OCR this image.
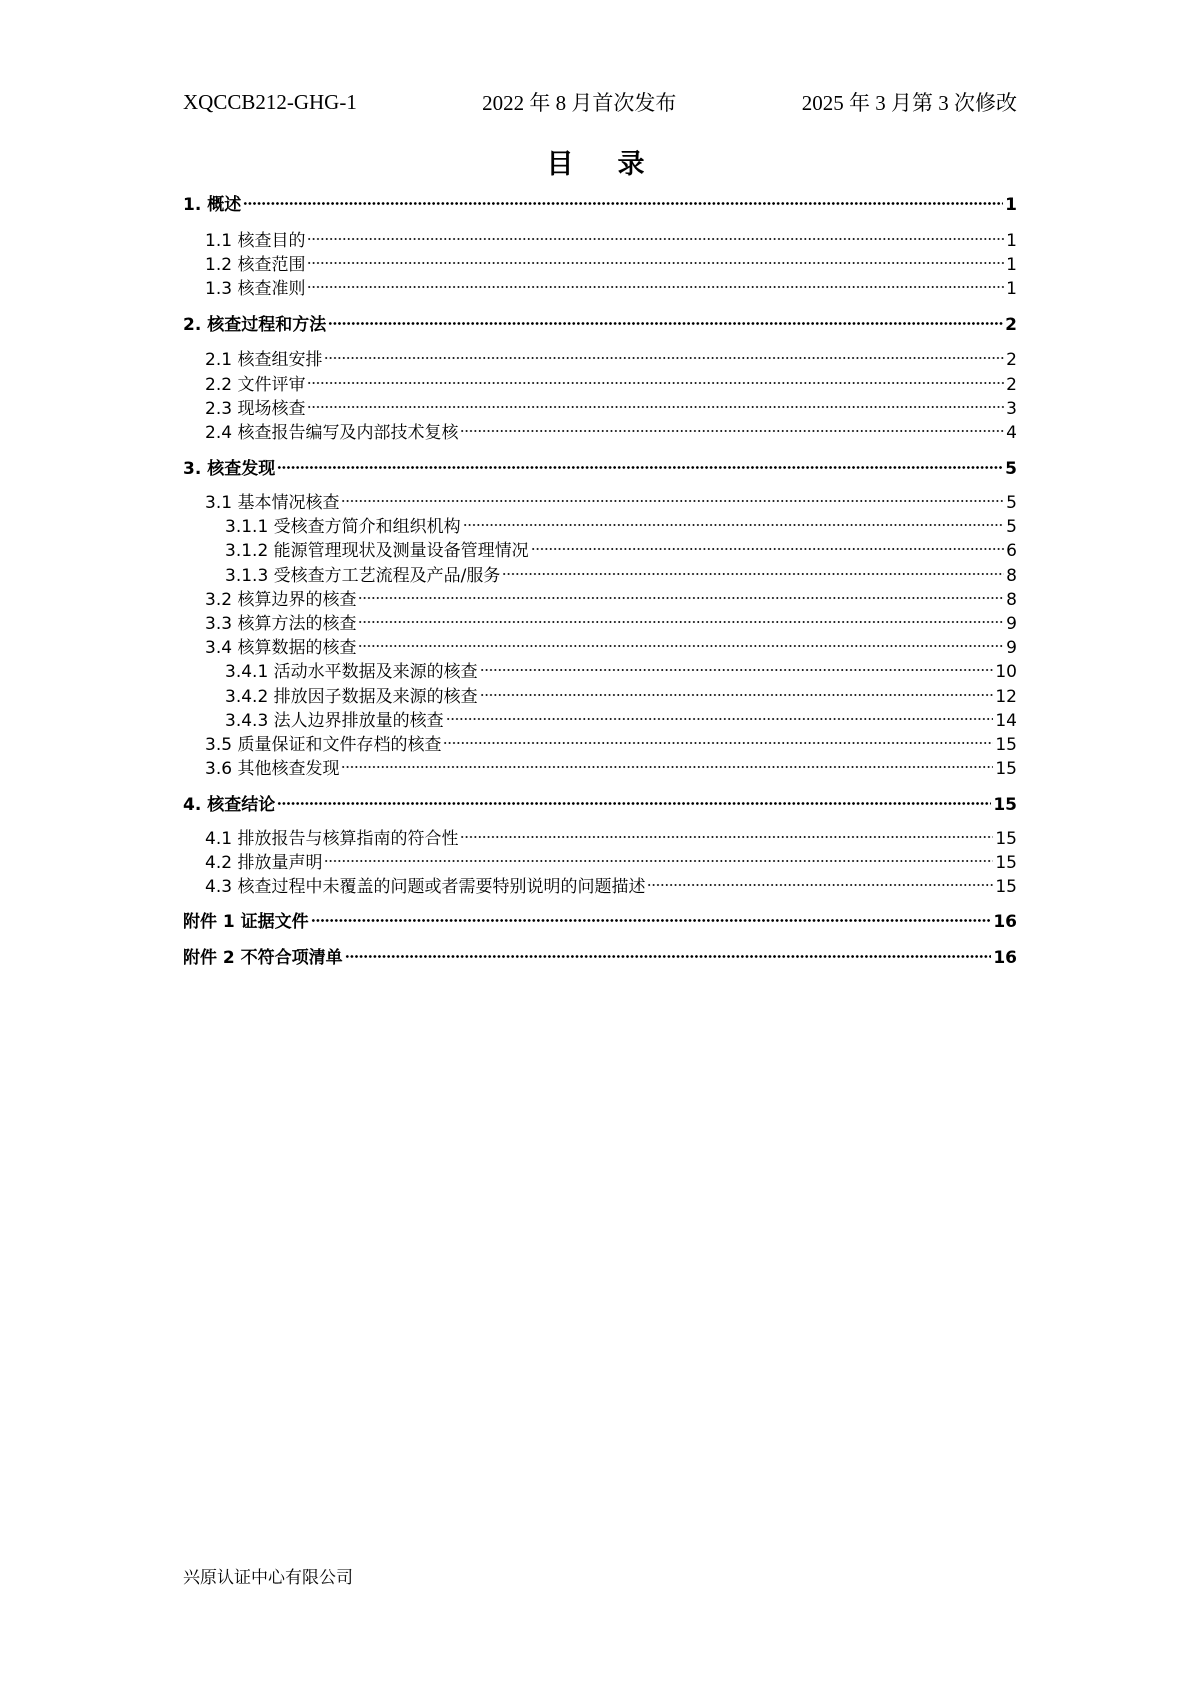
XQCCB212-GHG-1	2022 年 8 月首次发布	2025 年 3 月第 3 次修改
目录
1. 概述	1
1.1 核查目的	1
1.2 核查范围	1
1.3 核查准则	1
2. 核查过程和方法	2
2.1 核查组安排	2
2.2 文件评审	2
2.3 现场核查	3
2.4 核查报告编写及内部技术复核	4
3. 核查发现	5
3.1 基本情况核查	5
3.1.1 受核查方简介和组织机构	5
3.1.2 能源管理现状及测量设备管理情况	6
3.1.3 受核查方工艺流程及产品/服务	8
3.2 核算边界的核查	8
3.3 核算方法的核查	9
3.4 核算数据的核查	9
3.4.1 活动水平数据及来源的核查	10
3.4.2 排放因子数据及来源的核查	12
3.4.3 法人边界排放量的核查	14
3.5 质量保证和文件存档的核查	15
3.6 其他核查发现	15
4. 核查结论	15
4.1 排放报告与核算指南的符合性	15
4.2 排放量声明	15
4.3 核查过程中未覆盖的问题或者需要特别说明的问题描述	15
附件 1 证据文件	16
附件 2 不符合项清单	16
兴原认证中心有限公司
